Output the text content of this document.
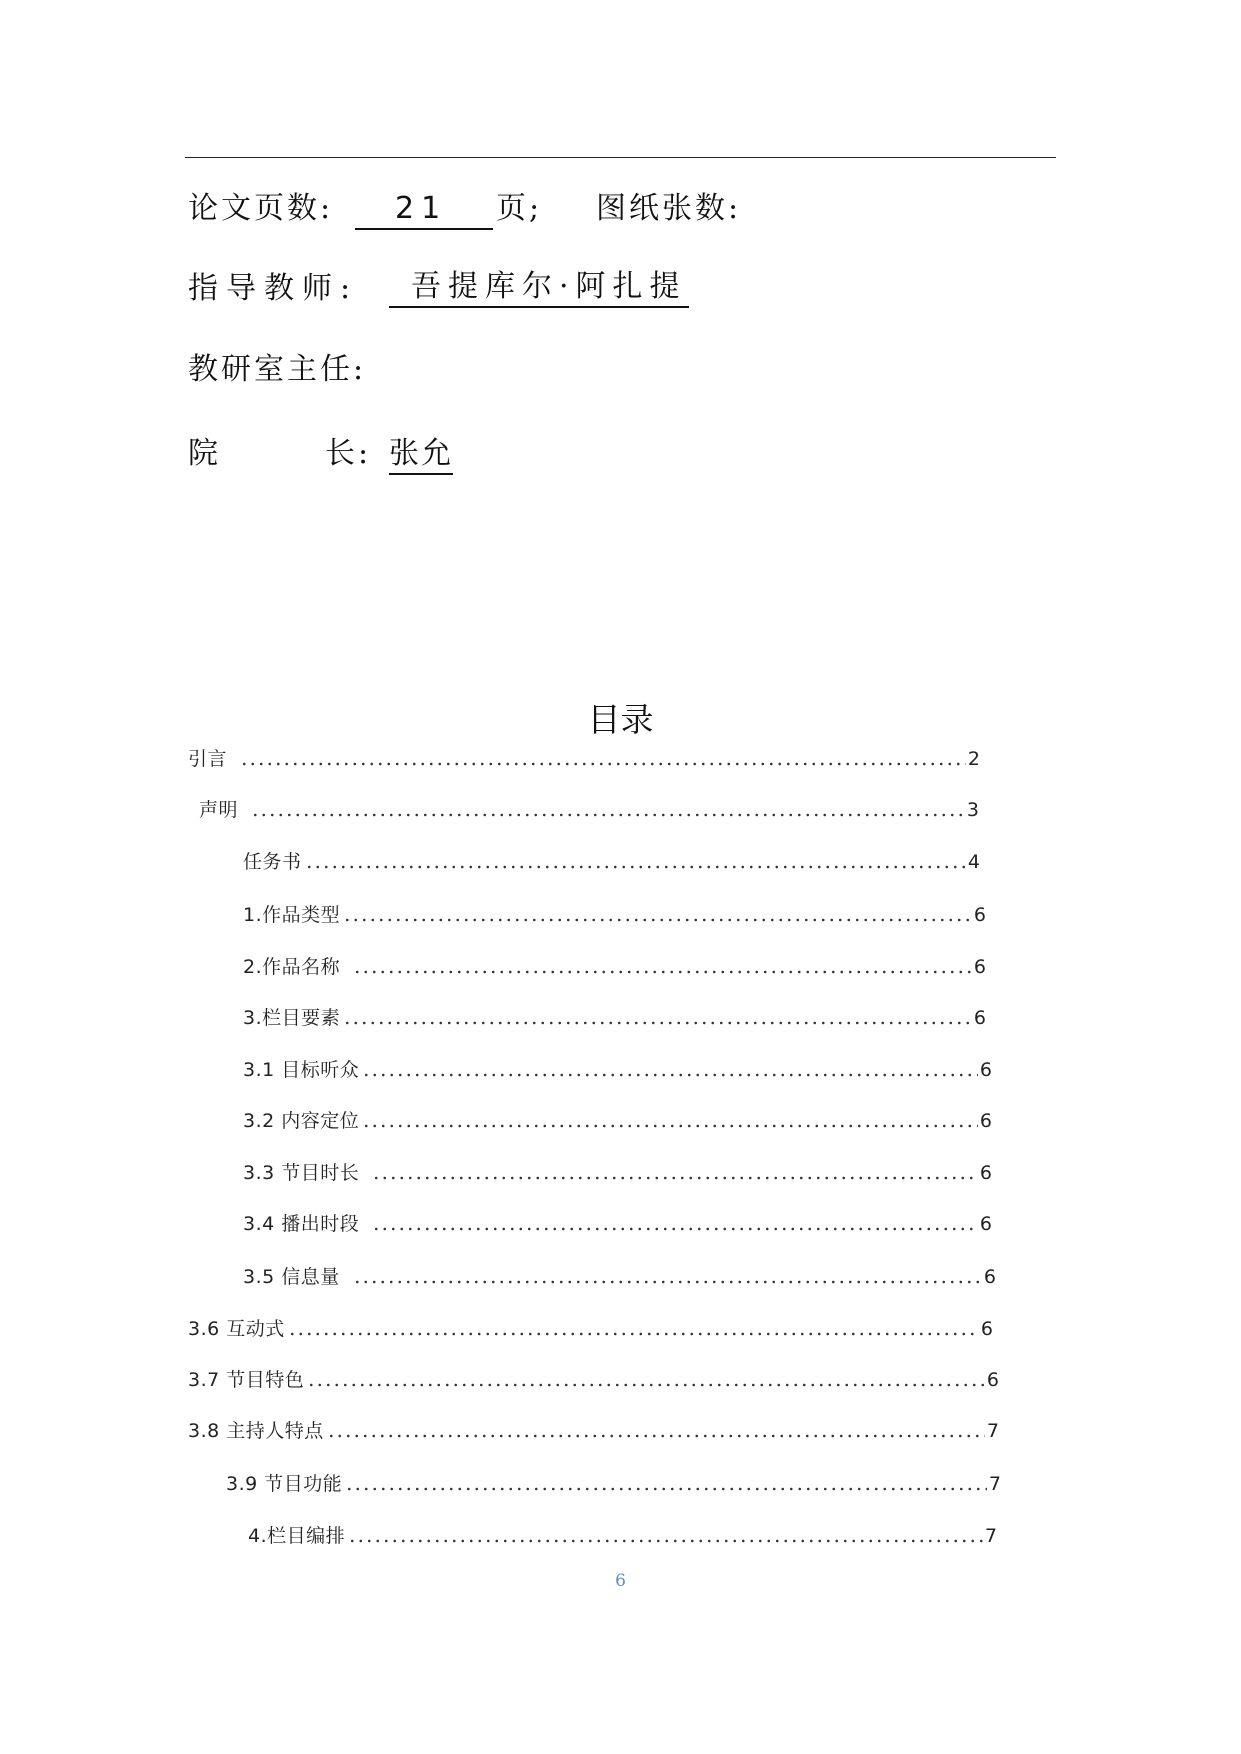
论文页数:	21	页; 图纸张数:
指导教师:	吾提库尔·阿扎提
教研室主任:
院	长: 张允
目录
引言	2
声明	3
任务书	4
1.作品类型	6
2.作品名称	6
3.栏目要素	6
3.1 目标听众	6
3.2 内容定位	6
3.3 节目时长	6
3.4 播出时段	6
3.5 信息量	6
3.6 互动式	6
3.7 节目特色	6
3.8 主持人特点	7
3.9 节目功能	7
4.栏目编排	7
6
